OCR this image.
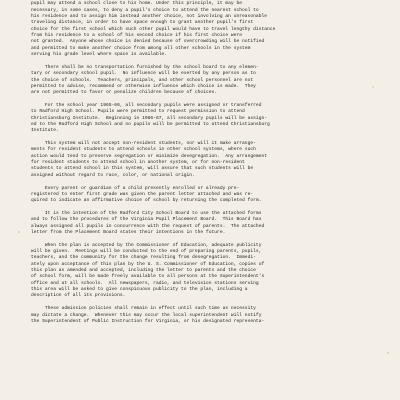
pupil may attend a school close to his home. Under this principle, it may be
necessary, in some cases, to deny a pupil's choice to attend the nearest school to
his residence and to assign him instead another choice, not involving an unreasonable
traveling distance, in order to have space enough to grant another pupil's first
choice for the first school which such other pupil would have to travel lengthy distance
from his residence to a school of his second choice if his first choice were
not granted.  Anyone whose choice is denied because of overcrowding will be notified
and permitted to make another choice from among all other schools in the system
serving his grade level where space is available.
There shall be no transportation furnished by the school board to any elemen-
tary or secondary school pupil.  No influence will be exerted by any person as to
the choice of schools.  Teachers, principals, and other school personnel are not
permitted to advise, recommend or otherwise influence which choice is made.  They
are not permitted to favor or penalize children because of choices.
For the school year 1965-66, all secondary pupils were assigned or transferred
to Radford High School. Pupils were permitted to request permission to attend
Christiansburg Institute.  Beginning in 1966-67, all secondary pupils will be assign-
ed to the Radford High School and no pupils will be permitted to attend Christiansburg
Institute.
This system will not accept non-resident students, nor will it make arrange-
ments for resident students to attend schools in other school systems, where such
action would tend to preserve segregation or minimize desegregation.  Any arrangement
for resident students to attend school in another system, or for non-resident
students to attend school in this system, will assure that such students will be
assigned without regard to race, color, or national origin.
Every parent or guardian of a child presently enrolled or already pre-
registered to enter first grade was given the parent letter attached and was re-
quired to indicate an affirmative choice of school by returning the completed form.
It is the intention of the Radford City School Board to use the attached forms
and to follow the procedures of the Virginia Pupil Placement Board.  This Board has
always assigned all pupils in concurrence with the request of parents.  The attached
letter from the Placement Board states their intentions in the future.
When the plan is accepted by the Commissioner of Education, adequate publicity
will be given.  Meetings will be conducted to the end of preparing parents, pupils,
teachers, and the community for the change resulting from desegregation.  Immedi-
ately upon acceptance of this plan by the U. S. Commissioner of Education, copies of
this plan as amended and accepted, including the letter to parents and the choice
of school form, will be made freely available to all persons at the Superintendent's
office and at all schools.  All newspapers, radio, and television stations serving
this area will be asked to give conspicuous publicity to the plan, including a
description of all its provisions.
These admission policies shall remain in effect until such time as necessity
may dictate a change.  Whenever this may occur the local superintendent will notify
the Superintendent of Public Instruction for Virginia, or his designated representa-
